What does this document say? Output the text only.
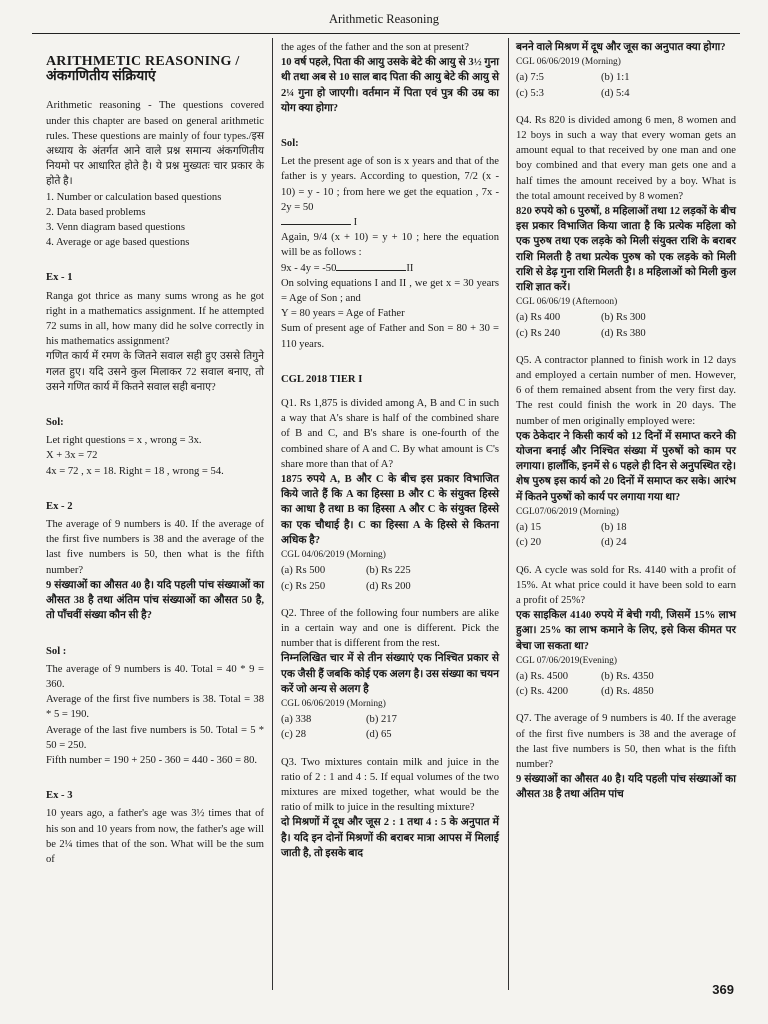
Arithmetic Reasoning
ARITHMETIC REASONING /
अंकगणितीय संक्रियाएं

Arithmetic reasoning - The questions covered under this chapter are based on general arithmetic rules. These questions are mainly of four types./इस अध्याय के अंतर्गत आने वाले प्रश्न समान्य अंकगणितीय नियमो पर आधारित होते है। ये प्रश्न मुख्यतः चार प्रकार के होते है।

1. Number or calculation based questions
2. Data based problems
3. Venn diagram based questions
4. Average or age based questions
Ex - 1

Ranga got thrice as many sums wrong as he got right in a mathematics assignment. If he attempted 72 sums in all, how many did he solve correctly in his mathematics assignment?

गणित कार्य में रमण के जितने सवाल सही हुए उससे तिगुने गलत हुए। यदि उसने कुल मिलाकर 72 सवाल बनाए, तो उसने गणित कार्य में कितने सवाल सही बनाए?

Sol:

Let right questions = x , wrong = 3x.

X + 3x = 72

4x = 72 , x = 18. Right = 18 , wrong = 54.

Ex - 2

The average of 9 numbers is 40. If the average of the first five numbers is 38 and the average of the last five numbers is 50, then what is the fifth number?

9 संख्याओं का औसत 40 है। यदि पहली पांच संख्याओं का औसत 38 है तथा अंतिम पांच संख्याओं का औसत 50 है, तो पाँचवीं संख्या कौन सी है?

Sol :

The average of 9 numbers is 40. Total = 40 * 9 = 360.

Average of the first five numbers is 38. Total = 38 * 5 = 190.

Average of the last five numbers is 50. Total = 5 * 50 = 250.

Fifth number = 190 + 250 - 360 = 440 - 360 = 80.

Ex - 3

10 years ago, a father's age was 3½ times that of his son and 10 years from now, the father's age will be 2¼ times that of the son. What will be the sum of

the ages of the father and the son at present?

10 वर्ष पहले, पिता की आयु उसके बेटे की आयु से 3½ गुना थी तथा अब से 10 साल बाद पिता की आयु बेटे की आयु से 2¼ गुना हो जाएगी। वर्तमान में पिता एवं पुत्र की उम्र का योग क्या होगा?

Sol:

Let the present age of son is x years and that of the father is y years. According to question, 7/2 (x - 10) = y - 10 ; from here we get the equation , 7x - 2y = 50

I

Again, 9/4 (x + 10) = y + 10 ; here the equation will be as follows :

9x - 4y = -50	II

On solving equations I and II , we get x = 30 years = Age of Son ; and

Y = 80 years = Age of Father

Sum of present age of Father and Son = 80 + 30 = 110 years.

CGL 2018 TIER I

Q1. Rs 1,875 is divided among A, B and C in such a way that A's share is half of the combined share of B and C, and B's share is one-fourth of the combined share of A and C. By what amount is C's share more than that of A?

1875 रुपये A, B और C के बीच इस प्रकार विभाजित किये जाते हैं कि A का हिस्सा B और C के संयुक्त हिस्से का आधा है तथा B का हिस्सा A और C के संयुक्त हिस्से का एक चौथाई है। C का हिस्सा A के हिस्से से कितना अधिक है?

CGL 04/06/2019 (Morning)
(a) Rs 500	(b) Rs 225
(c) Rs 250	(d) Rs 200

Q2. Three of the following four numbers are alike in a certain way and one is different. Pick the number that is different from the rest.

निम्नलिखित चार में से तीन संख्याएं एक निश्चित प्रकार से एक जैसी हैं जबकि कोई एक अलग है। उस संख्या का चयन करें जो अन्य से अलग है

CGL 06/06/2019 (Morning)
(a) 338	(b) 217
(c) 28	(d) 65

Q3. Two mixtures contain milk and juice in the ratio of 2 : 1 and 4 : 5. If equal volumes of the two mixtures are mixed together, what would be the ratio of milk to juice in the resulting mixture?

दो मिश्रणों में दूध और जूस 2 : 1 तथा 4 : 5 के अनुपात में है। यदि इन दोनों मिश्रणों की बराबर मात्रा आपस में मिलाई जाती है, तो इसके बाद

बनने वाले मिश्रण में दूध और जूस का अनुपात क्या होगा?

CGL 06/06/2019 (Morning)
(a) 7:5	(b) 1:1
(c) 5:3	(d) 5:4

Q4. Rs 820 is divided among 6 men, 8 women and 12 boys in such a way that every woman gets an amount equal to that received by one man and one boy combined and that every man gets one and a half times the amount received by a boy. What is the total amount received by 8 women?

820 रुपये को 6 पुरुषों, 8 महिलाओं तथा 12 लड़कों के बीच इस प्रकार विभाजित किया जाता है कि प्रत्येक महिला को एक पुरुष तथा एक लड़के को मिली संयुक्त राशि के बराबर राशि मिलती है तथा प्रत्येक पुरुष को एक लड़के को मिली राशि से डेढ़ गुना राशि मिलती है। 8 महिलाओं को मिली कुल राशि ज्ञात करें।

CGL 06/06/19 (Afternoon)
(a) Rs 400	(b) Rs 300
(c) Rs 240	(d) Rs 380

Q5. A contractor planned to finish work in 12 days and employed a certain number of men. However, 6 of them remained absent from the very first day. The rest could finish the work in 20 days. The number of men originally employed were:

एक ठेकेदार ने किसी कार्य को 12 दिनों में समाप्त करने की योजना बनाई और निश्चित संख्या में पुरुषों को काम पर लगाया। हालाँकि, इनमें से 6 पहले ही दिन से अनुपस्थित रहे। शेष पुरुष इस कार्य को 20 दिनों में समाप्त कर सके। आरंभ में कितने पुरुषों को कार्य पर लगाया गया था?

CGL07/06/2019 (Morning)
(a) 15	(b) 18
(c) 20	(d) 24

Q6. A cycle was sold for Rs. 4140 with a profit of 15%. At what price could it have been sold to earn a profit of 25%?

एक साइकिल 4140 रुपये में बेची गयी, जिसमें 15% लाभ हुआ। 25% का लाभ कमाने के लिए, इसे किस कीमत पर बेचा जा सकता था?

CGL 07/06/2019(Evening)
(a) Rs. 4500	(b) Rs. 4350
(c) Rs. 4200	(d) Rs. 4850

Q7. The average of 9 numbers is 40. If the average of the first five numbers is 38 and the average of the last five numbers is 50, then what is the fifth number?

9 संख्याओं का औसत 40 है। यदि पहली पांच संख्याओं का औसत 38 है तथा अंतिम पांच

369
